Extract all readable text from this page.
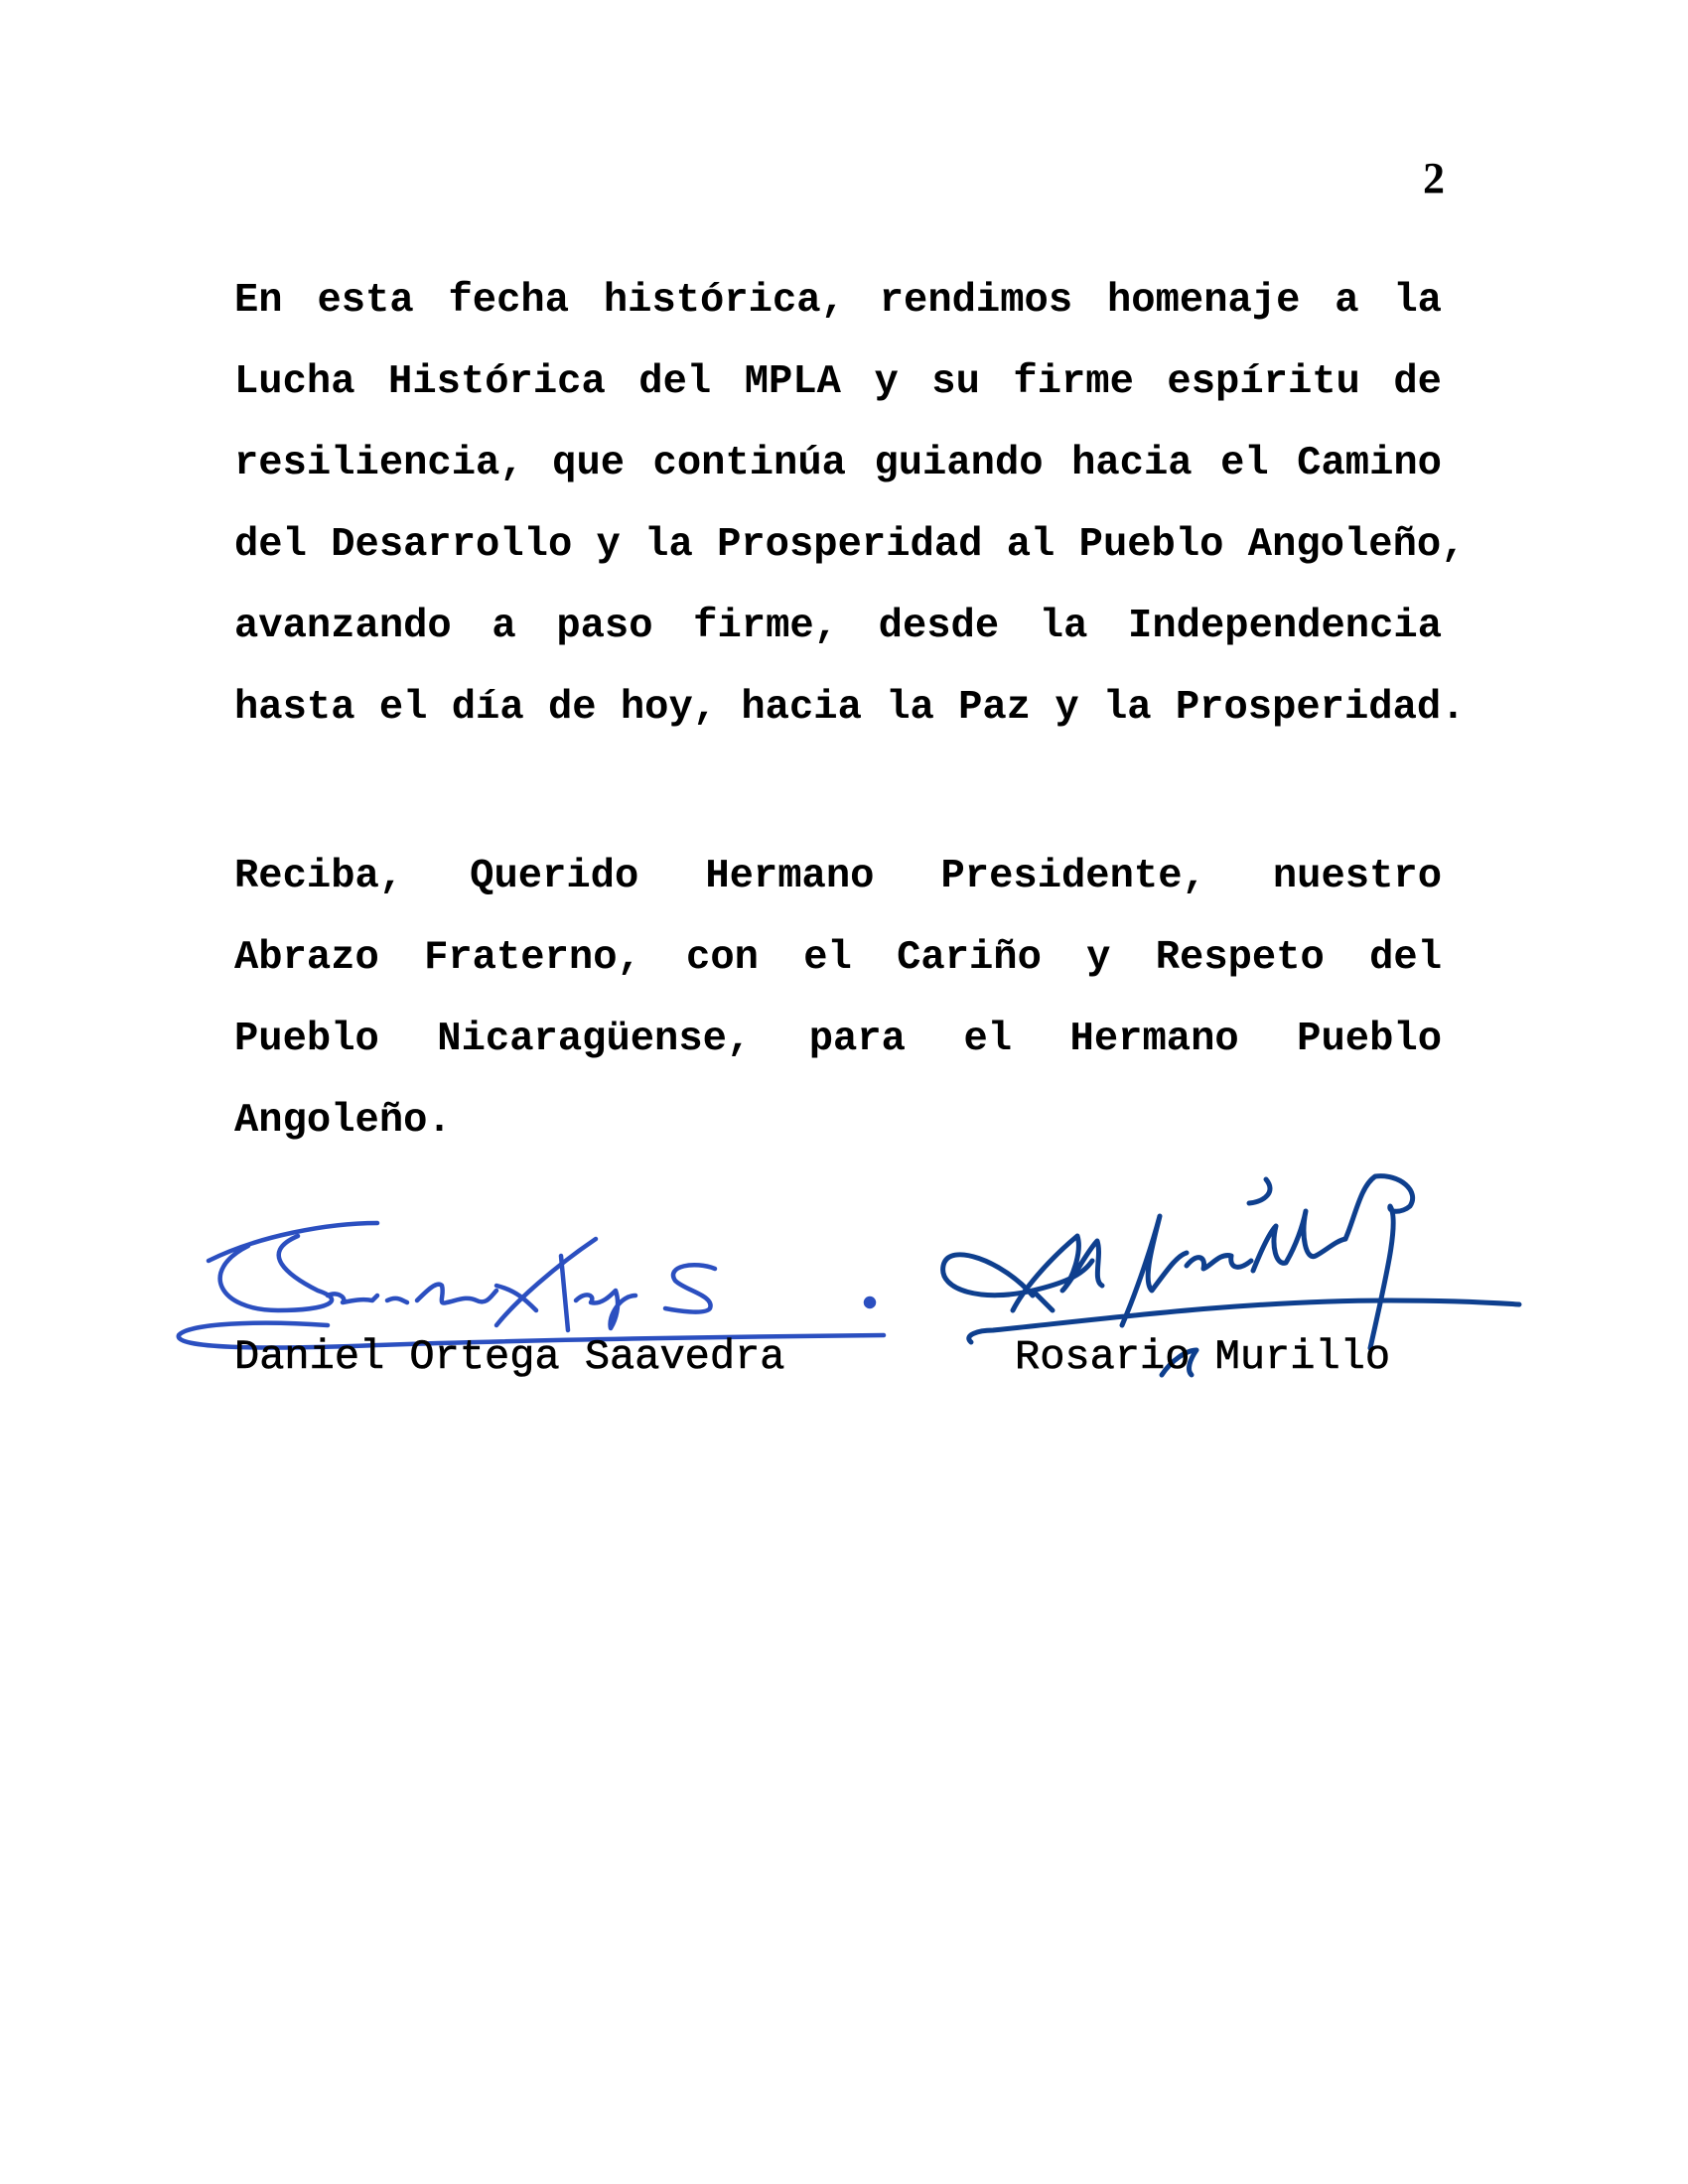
2
En esta fecha histórica, rendimos homenaje a la
Lucha Histórica del MPLA y su firme espíritu de
resiliencia, que continúa guiando hacia el Camino
del Desarrollo y la Prosperidad al Pueblo Angoleño,
avanzando a paso firme, desde la Independencia
hasta el día de hoy, hacia la Paz y la Prosperidad.
Reciba, Querido Hermano Presidente, nuestro
Abrazo Fraterno, con el Cariño y Respeto del
Pueblo Nicaragüense, para el Hermano Pueblo
Angoleño.
Daniel Ortega Saavedra	Rosario Murillo
